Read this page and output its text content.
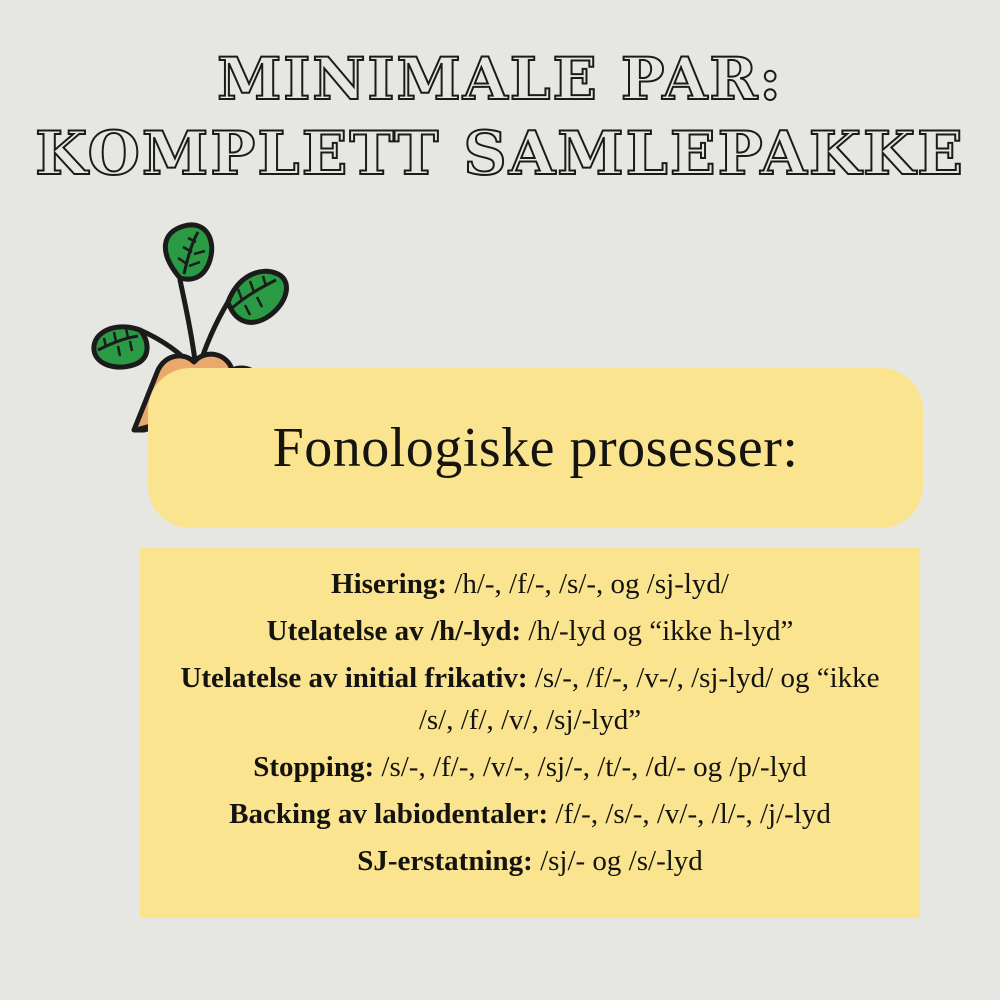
MINIMALE PAR:
KOMPLETT SAMLEPAKKE
Fonologiske prosesser:

Hisering: /h/-, /f/-, /s/-, og /sj-lyd/

Utelatelse av /h/-lyd: /h/-lyd og “ikke h-lyd”

Utelatelse av initial frikativ: /s/-, /f/-, /v-/, /sj-lyd/ og “ikke /s/, /f/, /v/, /sj/-lyd”

Stopping: /s/-, /f/-, /v/-, /sj/-, /t/-, /d/- og /p/-lyd

Backing av labiodentaler: /f/-, /s/-, /v/-, /l/-, /j/-lyd

SJ-erstatning: /sj/- og /s/-lyd
